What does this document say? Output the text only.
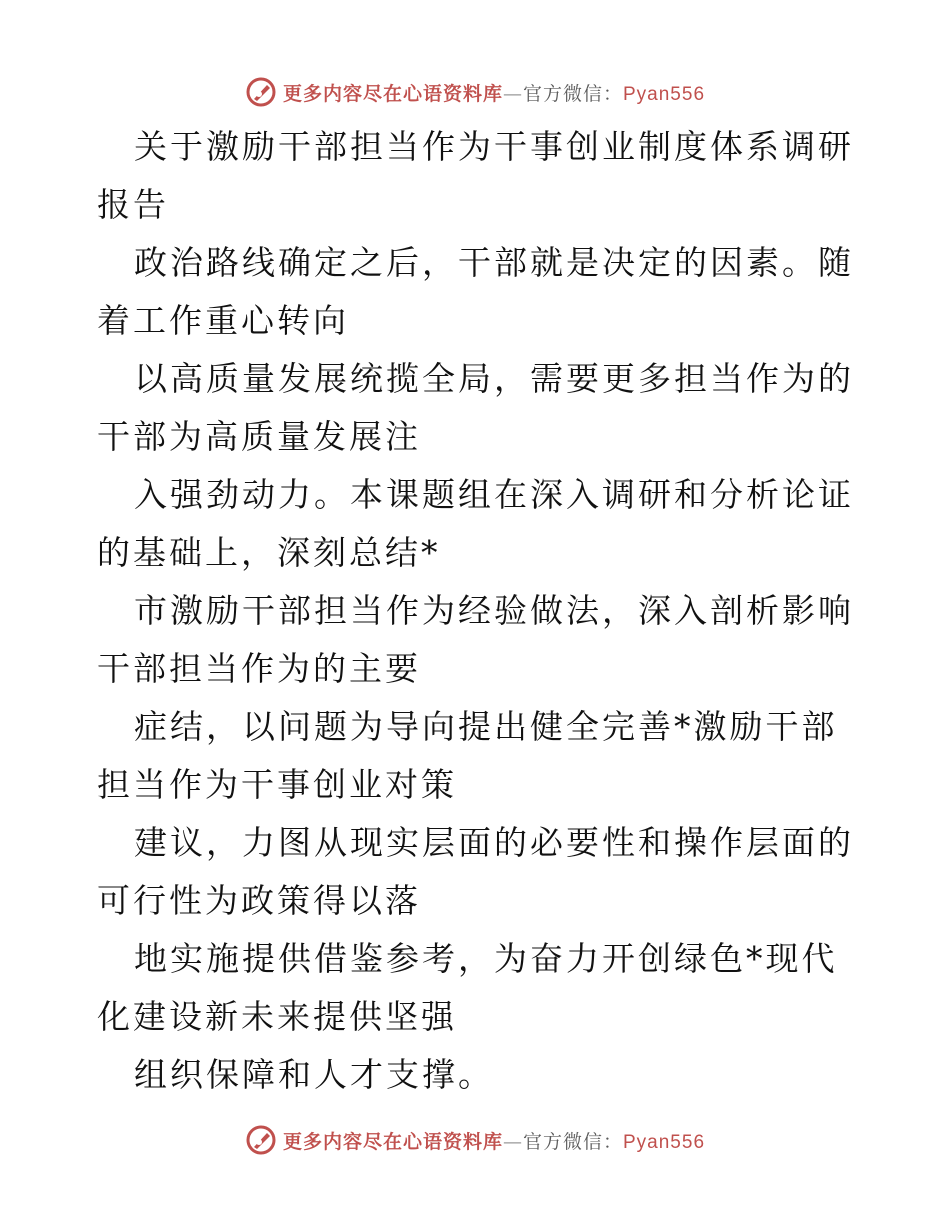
更多内容尽在心语资料库—官方微信：Pyan556

关于激励干部担当作为干事创业制度体系调研报告

政治路线确定之后，干部就是决定的因素。随着工作重心转向

以高质量发展统揽全局，需要更多担当作为的干部为高质量发展注

入强劲动力。本课题组在深入调研和分析论证的基础上，深刻总结*

市激励干部担当作为经验做法，深入剖析影响干部担当作为的主要

症结，以问题为导向提出健全完善*激励干部担当作为干事创业对策

建议，力图从现实层面的必要性和操作层面的可行性为政策得以落

地实施提供借鉴参考，为奋力开创绿色*现代化建设新未来提供坚强

组织保障和人才支撑。

更多内容尽在心语资料库—官方微信：Pyan556
